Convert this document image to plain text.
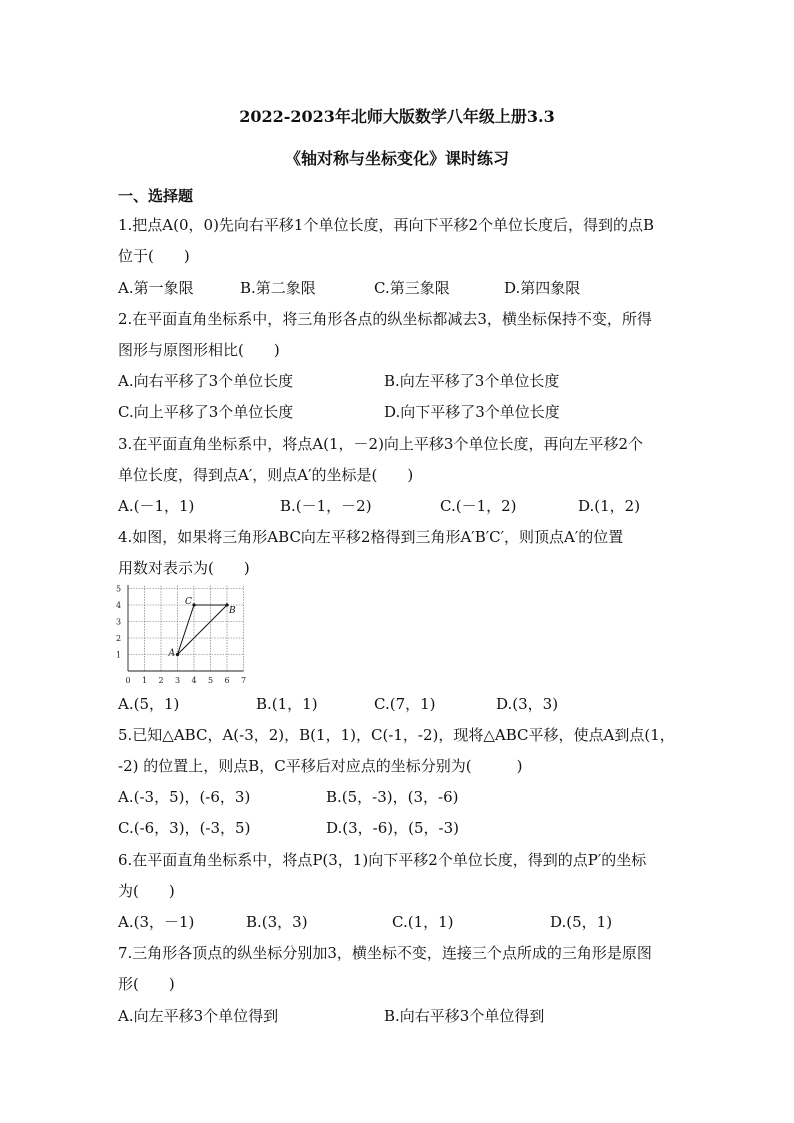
2022-2023年北师大版数学八年级上册3.3
《轴对称与坐标变化》课时练习
一、选择题
1.把点A(0，0)先向右平移1个单位长度，再向下平移2个单位长度后，得到的点B
位于(　　)
A.第一象限	B.第二象限	C.第三象限	D.第四象限
2.在平面直角坐标系中，将三角形各点的纵坐标都减去3，横坐标保持不变，所得
图形与原图形相比(　　)
A.向右平移了3个单位长度	B.向左平移了3个单位长度
C.向上平移了3个单位长度	D.向下平移了3个单位长度
3.在平面直角坐标系中，将点A(1，－2)向上平移3个单位长度，再向左平移2个
单位长度，得到点A′，则点A′的坐标是(　　)
A.(－1，1)	B.(－1，－2)	C.(－1，2)	D.(1，2)
4.如图，如果将三角形ABC向左平移2格得到三角形A′B′C′，则顶点A′的位置
用数对表示为(　　)
0 1 2 3 4 5 6 7
1
2
3
4
5
A
B
C
A.(5，1)	B.(1，1)	C.(7，1)	D.(3，3)
5.已知△ABC，A(-3，2)，B(1，1)，C(-1，-2)，现将△ABC平移，使点A到点(1，
-2) 的位置上，则点B，C平移后对应点的坐标分别为(　　　)
A.(-3，5)，(-6，3)	B.(5，-3)，(3，-6)
C.(-6，3)，(-3，5)	D.(3，-6)，(5，-3)
6.在平面直角坐标系中，将点P(3，1)向下平移2个单位长度，得到的点P′的坐标
为(　　)
A.(3，－1)	B.(3，3)	C.(1，1)	D.(5，1)
7.三角形各顶点的纵坐标分别加3，横坐标不变，连接三个点所成的三角形是原图
形(　　)
A.向左平移3个单位得到	B.向右平移3个单位得到
